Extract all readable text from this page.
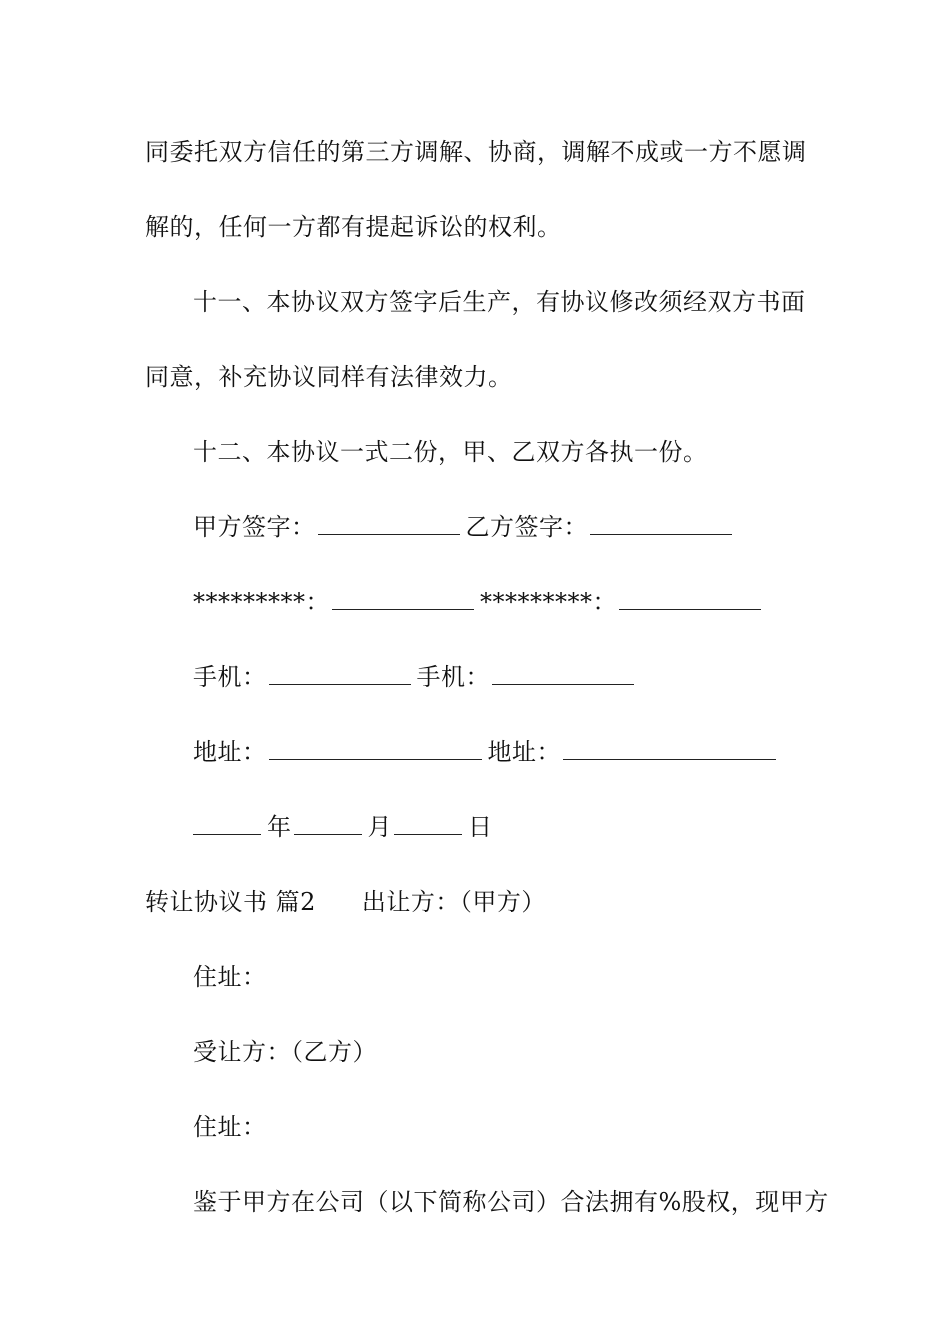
同委托双方信任的第三方调解、协商，调解不成或一方不愿调
解的，任何一方都有提起诉讼的权利。
十一、本协议双方签字后生产，有协议修改须经双方书面
同意，补充协议同样有法律效力。
十二、本协议一式二份，甲、乙双方各执一份。
甲方签字：	乙方签字：
*********：	*********：
手机：	手机：
地址：	地址：
年	月	日
转让协议书 篇2 出让方：（甲方）
住址：
受让方：（乙方）
住址：
鉴于甲方在公司（以下简称公司）合法拥有%股权，现甲方
